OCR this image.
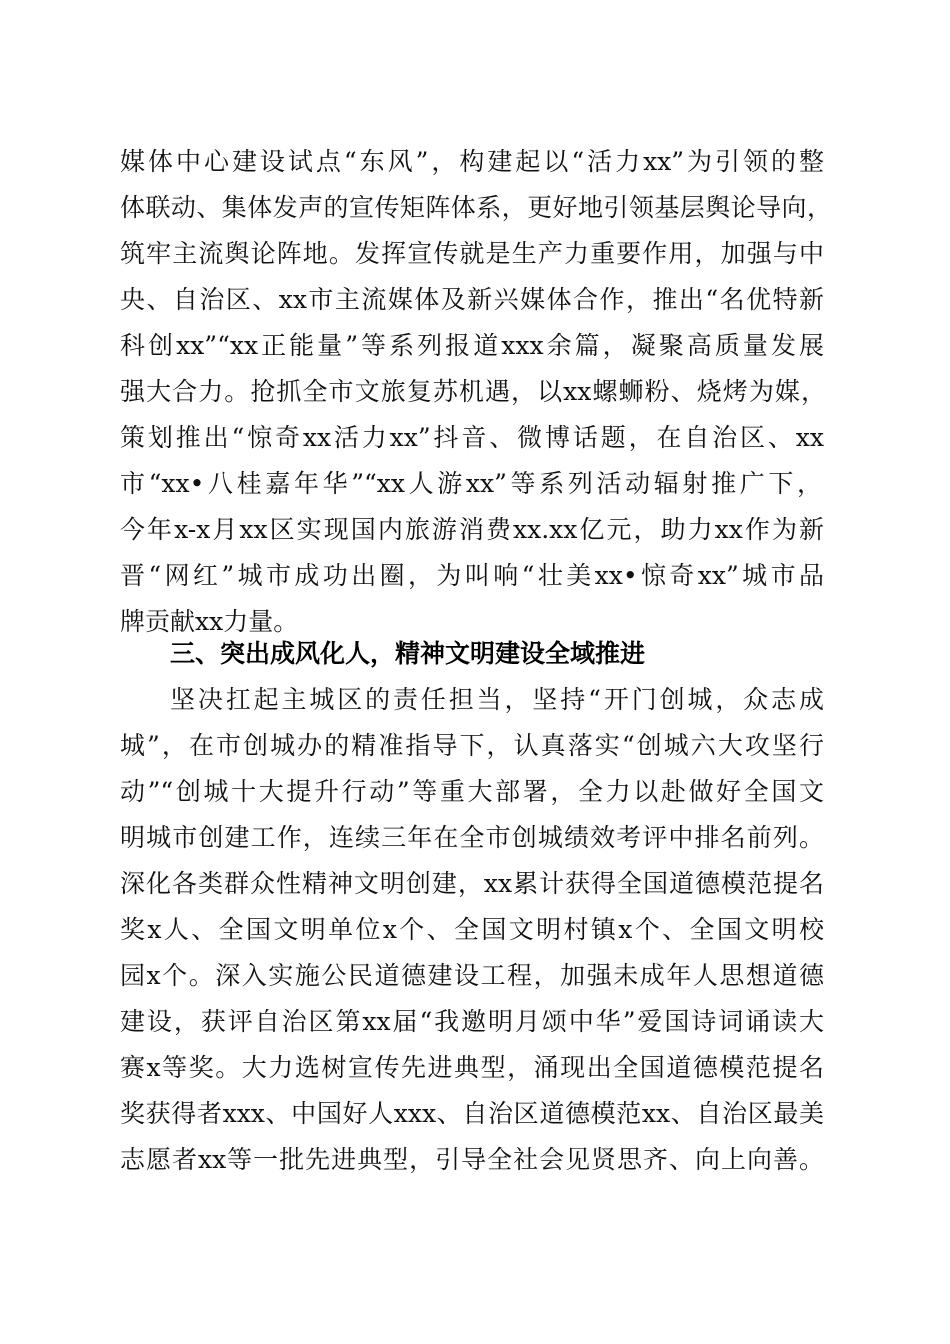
媒体中心建设试点“东风”，构建起以“活力xx”为引领的整
体联动、集体发声的宣传矩阵体系，更好地引领基层舆论导向，
筑牢主流舆论阵地。发挥宣传就是生产力重要作用，加强与中
央、自治区、xx市主流媒体及新兴媒体合作，推出“名优特新
科创xx”“xx正能量”等系列报道xxx余篇，凝聚高质量发展
强大合力。抢抓全市文旅复苏机遇，以xx螺蛳粉、烧烤为媒，
策划推出“惊奇xx活力xx”抖音、微博话题，在自治区、xx
市“xx•八桂嘉年华”“xx人游xx”等系列活动辐射推广下，
今年x-x月xx区实现国内旅游消费xx.xx亿元，助力xx作为新
晋“网红”城市成功出圈，为叫响“壮美xx•惊奇xx”城市品
牌贡献xx力量。
三、突出成风化人，精神文明建设全域推进
坚决扛起主城区的责任担当，坚持“开门创城，众志成
城”，在市创城办的精准指导下，认真落实“创城六大攻坚行
动”“创城十大提升行动”等重大部署，全力以赴做好全国文
明城市创建工作，连续三年在全市创城绩效考评中排名前列。
深化各类群众性精神文明创建，xx累计获得全国道德模范提名
奖x人、全国文明单位x个、全国文明村镇x个、全国文明校
园x个。深入实施公民道德建设工程，加强未成年人思想道德
建设，获评自治区第xx届“我邀明月颂中华”爱国诗词诵读大
赛x等奖。大力选树宣传先进典型，涌现出全国道德模范提名
奖获得者xxx、中国好人xxx、自治区道德模范xx、自治区最美
志愿者xx等一批先进典型，引导全社会见贤思齐、向上向善。
